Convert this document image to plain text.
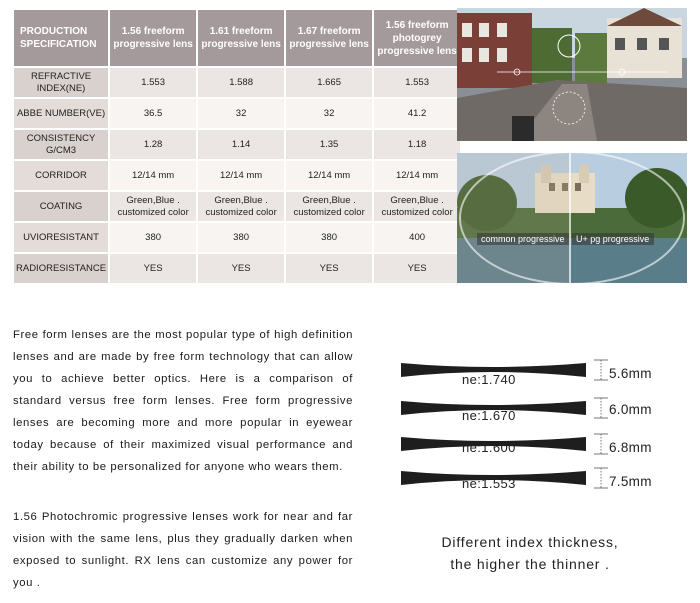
PRODUCTION SPECIFICATION	1.56 freeform progressive lens	1.61 freeform progressive lens	1.67 freeform progressive lens	1.56 freeform photogrey progressive lens
REFRACTIVE INDEX(NE)	1.553	1.588	1.665	1.553
ABBE NUMBER(VE)	36.5	32	32	41.2
CONSISTENCY G/CM3	1.28	1.14	1.35	1.18
CORRIDOR	12/14 mm	12/14 mm	12/14 mm	12/14 mm
COATING	Green,Blue . customized color	Green,Blue . customized color	Green,Blue . customized color	Green,Blue . customized color
UVIORESISTANT	380	380	380	400
RADIORESISTANCE	YES	YES	YES	YES
common progressive U+ pg progressive
Free form lenses are the most popular type of high definition lenses and are made by free form technology that can allow you to achieve better optics. Here is a comparison of standard versus free form lenses. Free form progressive lenses are becoming more and more popular in eyewear today because of their maximized visual performance and their ability to be personalized for anyone who wears them.
1.56 Photochromic progressive lenses work for near and far vision with the same lens, plus they gradually darken when exposed to sunlight. RX lens can customize any power for you .
ne:1.740
ne:1.670
ne:1.600
ne:1.553
5.6mm
6.0mm
6.8mm
7.5mm
Different index thickness,
the higher the thinner .
